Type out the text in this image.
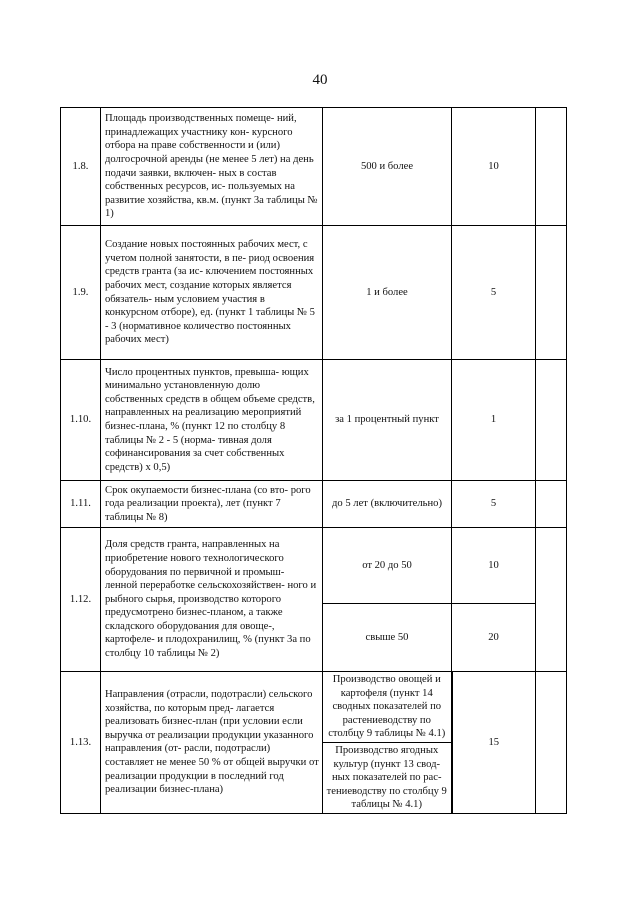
40
1.8.	Площадь производственных помеще- ний, принадлежащих участнику кон- курсного отбора на праве собственности и (или) долгосрочной аренды (не менее 5 лет) на день подачи заявки, включен- ных в состав собственных ресурсов, ис- пользуемых на развитие хозяйства, кв.м. (пункт 3а таблицы № 1)	500 и более	10	
1.9.	Создание новых постоянных рабочих мест, с учетом полной занятости, в пе- риод освоения средств гранта (за ис- ключением постоянных рабочих мест, создание которых является обязатель- ным условием участия в конкурсном отборе), ед. (пункт 1 таблицы № 5 - 3 (нормативное количество постоянных рабочих мест)	1 и более	5	
1.10.	Число процентных пунктов, превыша- ющих минимально установленную долю собственных средств в общем объеме средств, направленных на реализацию мероприятий бизнес-плана, % (пункт 12 по столбцу 8 таблицы № 2 - 5 (норма- тивная доля софинансирования за счет собственных средств) х 0,5)	за 1 процентный пункт	1	
1.11.	Срок окупаемости бизнес-плана (со вто- рого года реализации проекта), лет (пункт 7 таблицы № 8)	до 5 лет (включительно)	5	
1.12.	Доля средств гранта, направленных на приобретение нового технологического оборудования по первичной и промыш- ленной переработке сельскохозяйствен- ного и рыбного сырья, производство которого предусмотрено бизнес-планом, а также складского оборудования для овоще-, картофеле- и плодохранилищ, % (пункт 3а по столбцу 10 таблицы № 2)	от 20 до 50	10	
		свыше 50	20	
1.13.	Направления (отрасли, подотрасли) сельского хозяйства, по которым пред- лагается реализовать бизнес-план (при условии если выручка от реализации продукции указанного направления (от- расли, подотрасли) составляет не менее 50 % от общей выручки от реализации продукции в последний год реализации бизнес-плана)	Производство овощей и картофеля (пункт 14 сводных показателей по растениеводству по столбцу 9 таблицы № 4.1)	15	
		Производство ягодных культур (пункт 13 свод- ных показателей по рас- тениеводству по столбцу 9 таблицы № 4.1)		
